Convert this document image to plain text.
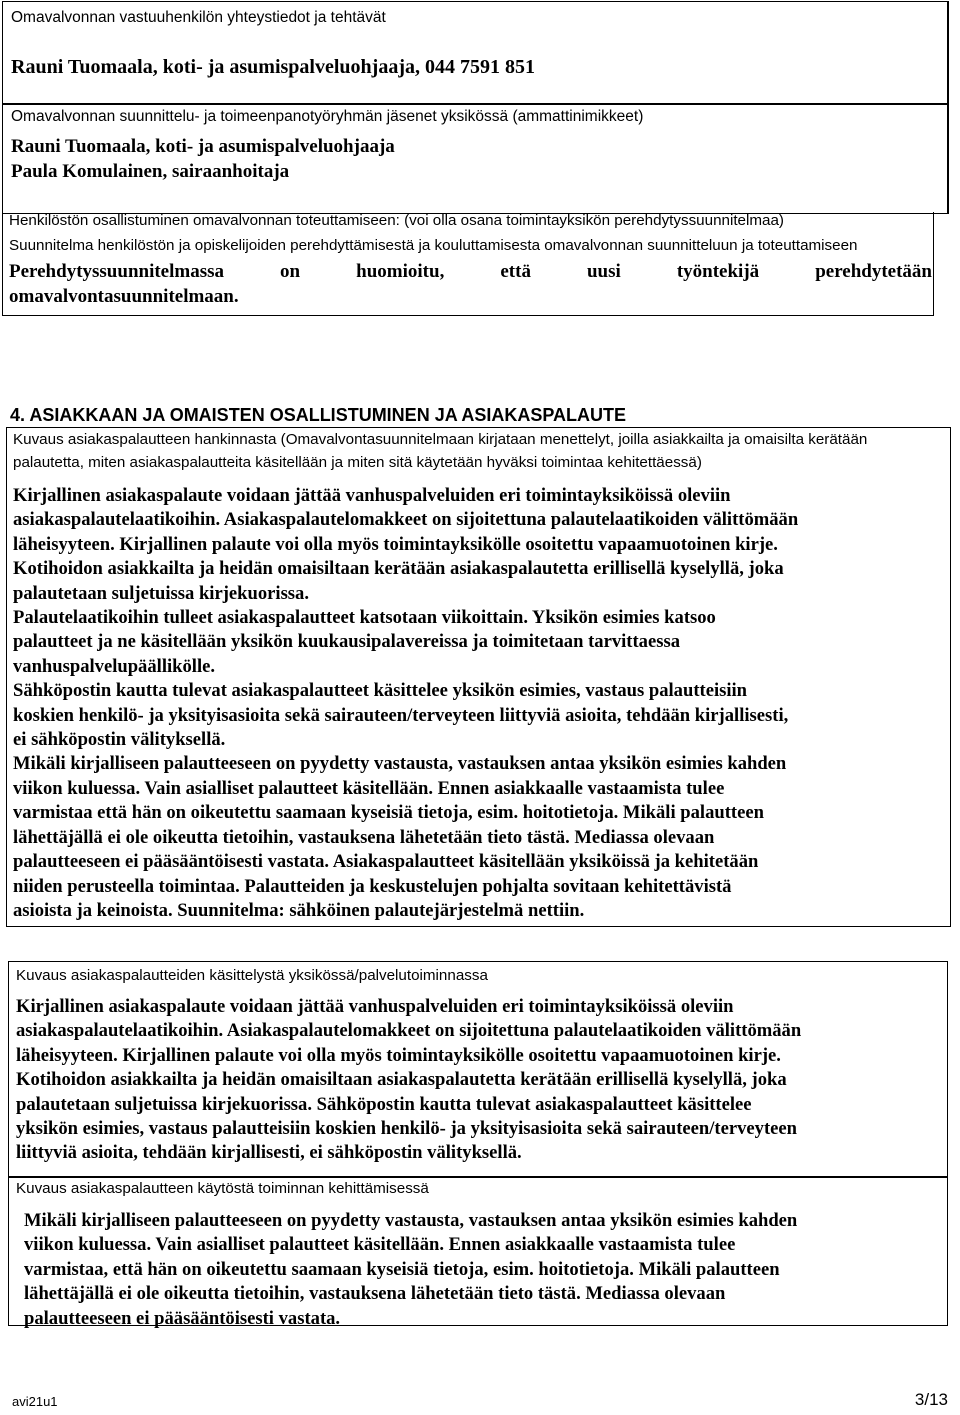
Omavalvonnan vastuuhenkilön yhteystiedot ja tehtävät
Rauni Tuomaala, koti- ja asumispalveluohjaaja, 044 7591 851
Omavalvonnan suunnittelu- ja toimeenpanotyöryhmän jäsenet yksikössä (ammattinimikkeet)
Rauni Tuomaala, koti- ja asumispalveluohjaaja
Paula Komulainen, sairaanhoitaja
Henkilöstön osallistuminen omavalvonnan toteuttamiseen: (voi olla osana toimintayksikön perehdytyssuunnitelmaa)
Suunnitelma henkilöstön ja opiskelijoiden perehdyttämisestä ja kouluttamisesta omavalvonnan suunnitteluun ja toteuttamiseen
Perehdytyssuunnitelmassa	on	huomioitu,	että	uusi	työntekijä	perehdytetään
omavalvontasuunnitelmaan.
4. ASIAKKAAN JA OMAISTEN OSALLISTUMINEN JA ASIAKASPALAUTE
Kuvaus asiakaspalautteen hankinnasta (Omavalvontasuunnitelmaan kirjataan menettelyt, joilla asiakkailta ja omaisilta kerätään
palautetta, miten asiakaspalautteita käsitellään ja miten sitä käytetään hyväksi toimintaa kehitettäessä)
Kirjallinen asiakaspalaute voidaan jättää vanhuspalveluiden eri toimintayksiköissä oleviin
asiakaspalautelaatikoihin. Asiakaspalautelomakkeet on sijoitettuna palautelaatikoiden välittömään
läheisyyteen. Kirjallinen palaute voi olla myös toimintayksikölle osoitettu vapaamuotoinen kirje.
Kotihoidon asiakkailta ja heidän omaisiltaan kerätään asiakaspalautetta erillisellä kyselyllä, joka
palautetaan suljetuissa kirjekuorissa.
Palautelaatikoihin tulleet asiakaspalautteet katsotaan viikoittain. Yksikön esimies katsoo
palautteet ja ne käsitellään yksikön kuukausipalavereissa ja toimitetaan tarvittaessa
vanhuspalvelupäällikölle.
Sähköpostin kautta tulevat asiakaspalautteet käsittelee yksikön esimies, vastaus palautteisiin
koskien henkilö- ja yksityisasioita sekä sairauteen/terveyteen liittyviä asioita, tehdään kirjallisesti,
ei sähköpostin välityksellä.
Mikäli kirjalliseen palautteeseen on pyydetty vastausta, vastauksen antaa yksikön esimies kahden
viikon kuluessa. Vain asialliset palautteet käsitellään. Ennen asiakkaalle vastaamista tulee
varmistaa että hän on oikeutettu saamaan kyseisiä tietoja, esim. hoitotietoja. Mikäli palautteen
lähettäjällä ei ole oikeutta tietoihin, vastauksena lähetetään tieto tästä. Mediassa olevaan
palautteeseen ei pääsääntöisesti vastata. Asiakaspalautteet käsitellään yksiköissä ja kehitetään
niiden perusteella toimintaa. Palautteiden ja keskustelujen pohjalta sovitaan kehitettävistä
asioista ja keinoista. Suunnitelma: sähköinen palautejärjestelmä nettiin.
Kuvaus asiakaspalautteiden käsittelystä yksikössä/palvelutoiminnassa
Kirjallinen asiakaspalaute voidaan jättää vanhuspalveluiden eri toimintayksiköissä oleviin
asiakaspalautelaatikoihin. Asiakaspalautelomakkeet on sijoitettuna palautelaatikoiden välittömään
läheisyyteen. Kirjallinen palaute voi olla myös toimintayksikölle osoitettu vapaamuotoinen kirje.
Kotihoidon asiakkailta ja heidän omaisiltaan asiakaspalautetta kerätään erillisellä kyselyllä, joka
palautetaan suljetuissa kirjekuorissa. Sähköpostin kautta tulevat asiakaspalautteet käsittelee
yksikön esimies, vastaus palautteisiin koskien henkilö- ja yksityisasioita sekä sairauteen/terveyteen
liittyviä asioita, tehdään kirjallisesti, ei sähköpostin välityksellä.
Kuvaus asiakaspalautteen käytöstä toiminnan kehittämisessä
Mikäli kirjalliseen palautteeseen on pyydetty vastausta, vastauksen antaa yksikön esimies kahden
viikon kuluessa. Vain asialliset palautteet käsitellään. Ennen asiakkaalle vastaamista tulee
varmistaa, että hän on oikeutettu saamaan kyseisiä tietoja, esim. hoitotietoja. Mikäli palautteen
lähettäjällä ei ole oikeutta tietoihin, vastauksena lähetetään tieto tästä. Mediassa olevaan
palautteeseen ei pääsääntöisesti vastata.
avi21u1	3/13
